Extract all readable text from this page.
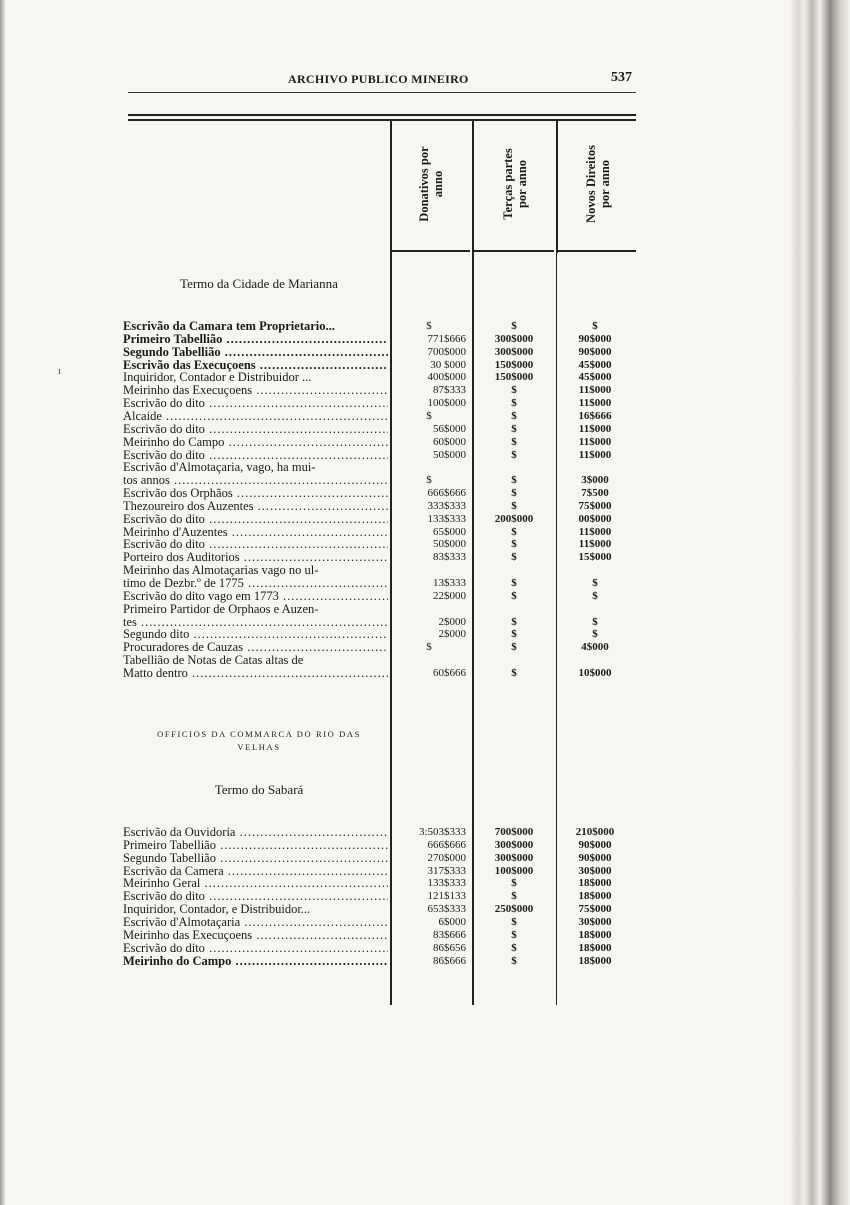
ARCHIVO PUBLICO MINEIRO	537
Donativos por anno	Terças partes por anno	Novos Direitos por anno
Termo da Cidade de Marianna
Escrivão da Camara tem Proprietario...	$	$	$
Primeiro Tabellião .....	771$666	300$000	90$000
Segundo Tabellião .....	700$000	300$000	90$000
Escrivão das Execuçoens .....	30 $000	150$000	45$000
Inquiridor, Contador e Distribuidor ...	400$000	150$000	45$000
Meirinho das Execuçoens .....	87$333	$	11$000
Escrivão do dito .....	100$000	$	11$000
Alcaide .....	$	$	16$666
Escrivão do dito .....	56$000	$	11$000
Meirinho do Campo .....	60$000	$	11$000
Escrivão do dito .....	50$000	$	11$000
Escrivão d'Almotaçaria, vago, ha mui-
tos annos .....	$	$	3$000
Escrivão dos Orphãos .....	666$666	$	7$500
Thezoureiro dos Auzentes .....	333$333	$	75$000
Escrivão do dito .....	133$333	200$000	00$000
Meirinho d'Auzentes .....	65$000	$	11$000
Escrivão do dito .....	50$000	$	11$000
Porteiro dos Auditorios .....	83$333	$	15$000
Meirinho das Almotaçarias vago no ul-
timo de Dezbr.º de 1775 .....	13$333	$	$
Escrivão do dito vago em 1773 .....	22$000	$	$
Primeiro Partidor de Orphaos e Auzen-
tes .....	2$000	$	$
Segundo dito .....	2$000	$	$
Procuradores de Cauzas .....	$	$	4$000
Tabellião de Notas de Catas altas de
Matto dentro .....	60$666	$	10$000
OFFICIOS DA COMMARCA DO RIO DAS
VELHAS
Termo do Sabará
Escrivão da Ouvidoria .....	3:503$333	700$000	210$000
Primeiro Tabellião .....	666$666	300$000	90$000
Segundo Tabellião .....	270$000	300$000	90$000
Escrivão da Camera .....	317$333	100$000	30$000
Meirinho Geral .....	133$333	$	18$000
Escrivão do dito .....	121$133	$	18$000
Inquiridor, Contador, e Distribuidor...	653$333	250$000	75$000
Escrivão d'Almotaçaria .....	6$000	$	30$000
Meirinho das Execuçoens .....	83$666	$	18$000
Escrivão do dito .....	86$656	$	18$000
Meirinho do Campo .....	86$666	$	18$000
ı
